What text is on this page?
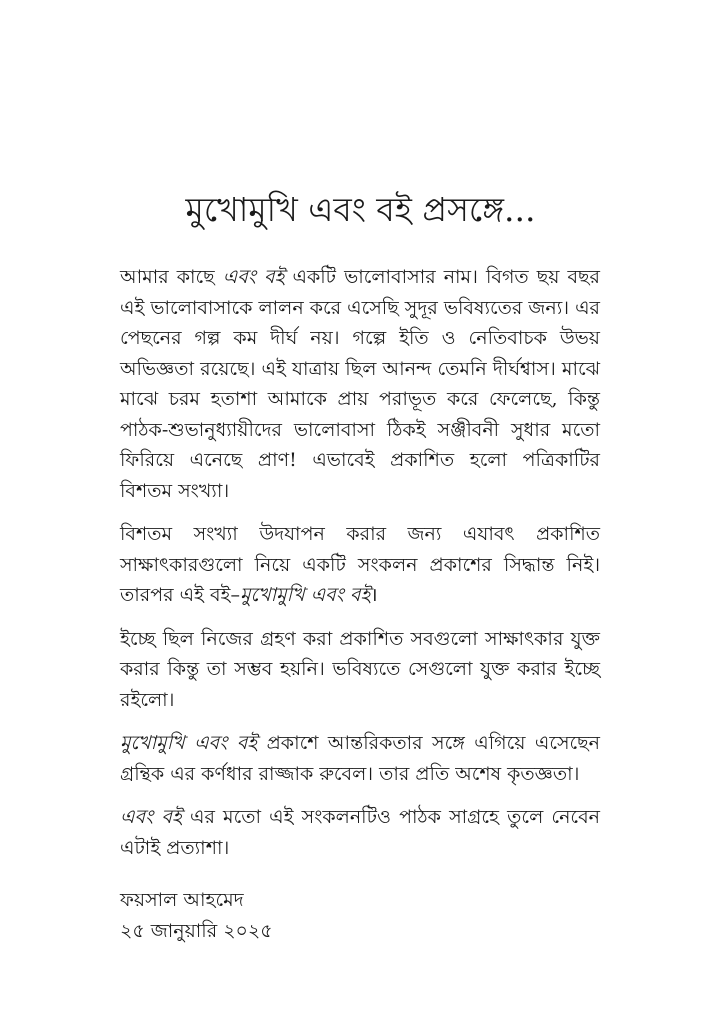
মুখোমুখি এবং বই প্রসঙ্গে...

আমার কাছে এবং বই একটি ভালোবাসার নাম। বিগত ছয় বছর এই ভালোবাসাকে লালন করে এসেছি সুদূর ভবিষ্যতের জন্য। এর পেছনের গল্প কম দীর্ঘ নয়। গল্পে ইতি ও নেতিবাচক উভয় অভিজ্ঞতা রয়েছে। এই যাত্রায় ছিল আনন্দ তেমনি দীর্ঘশ্বাস। মাঝে মাঝে চরম হতাশা আমাকে প্রায় পরাভূত করে ফেলেছে, কিন্তু পাঠক-শুভানুধ্যায়ীদের ভালোবাসা ঠিকই সঞ্জীবনী সুধার মতো ফিরিয়ে এনেছে প্রাণ! এভাবেই প্রকাশিত হলো পত্রিকাটির বিশতম সংখ্যা।

বিশতম সংখ্যা উদযাপন করার জন্য এযাবৎ প্রকাশিত সাক্ষাৎকারগুলো নিয়ে একটি সংকলন প্রকাশের সিদ্ধান্ত নিই। তারপর এই বই–মুখোমুখি এবং বই।

ইচ্ছে ছিল নিজের গ্রহণ করা প্রকাশিত সবগুলো সাক্ষাৎকার যুক্ত করার কিন্তু তা সম্ভব হয়নি। ভবিষ্যতে সেগুলো যুক্ত করার ইচ্ছে রইলো।

মুখোমুখি এবং বই প্রকাশে আন্তরিকতার সঙ্গে এগিয়ে এসেছেন গ্রন্থিক এর কর্ণধার রাজ্জাক রুবেল। তার প্রতি অশেষ কৃতজ্ঞতা।

এবং বই এর মতো এই সংকলনটিও পাঠক সাগ্রহে তুলে নেবেন এটাই প্রত্যাশা।

ফয়সাল আহমেদ

২৫ জানুয়ারি ২০২৫
